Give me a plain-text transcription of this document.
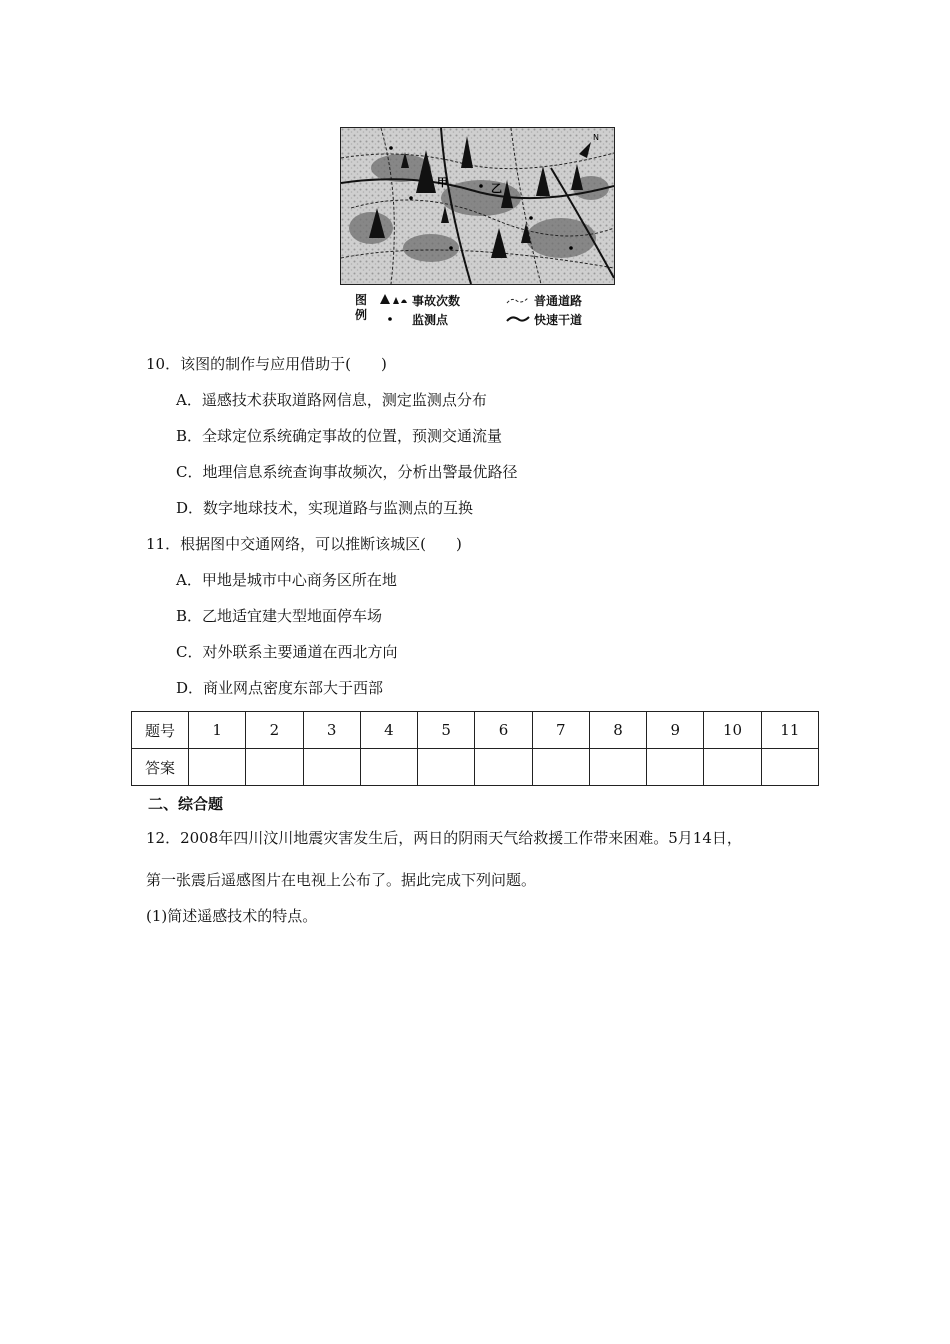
甲	乙
N
图例
事故次数
监测点
普通道路
快速干道
10．该图的制作与应用借助于(　　)
A．遥感技术获取道路网信息，测定监测点分布
B．全球定位系统确定事故的位置，预测交通流量
C．地理信息系统查询事故频次，分析出警最优路径
D．数字地球技术，实现道路与监测点的互换
11．根据图中交通网络，可以推断该城区(　　)
A．甲地是城市中心商务区所在地
B．乙地适宜建大型地面停车场
C．对外联系主要通道在西北方向
D．商业网点密度东部大于西部
题号	1	2	3	4	5	6	7	8	9	10	11
答案											
二、综合题
12．2008年四川汶川地震灾害发生后，两日的阴雨天气给救援工作带来困难。5月14日，
第一张震后遥感图片在电视上公布了。据此完成下列问题。
(1)简述遥感技术的特点。
